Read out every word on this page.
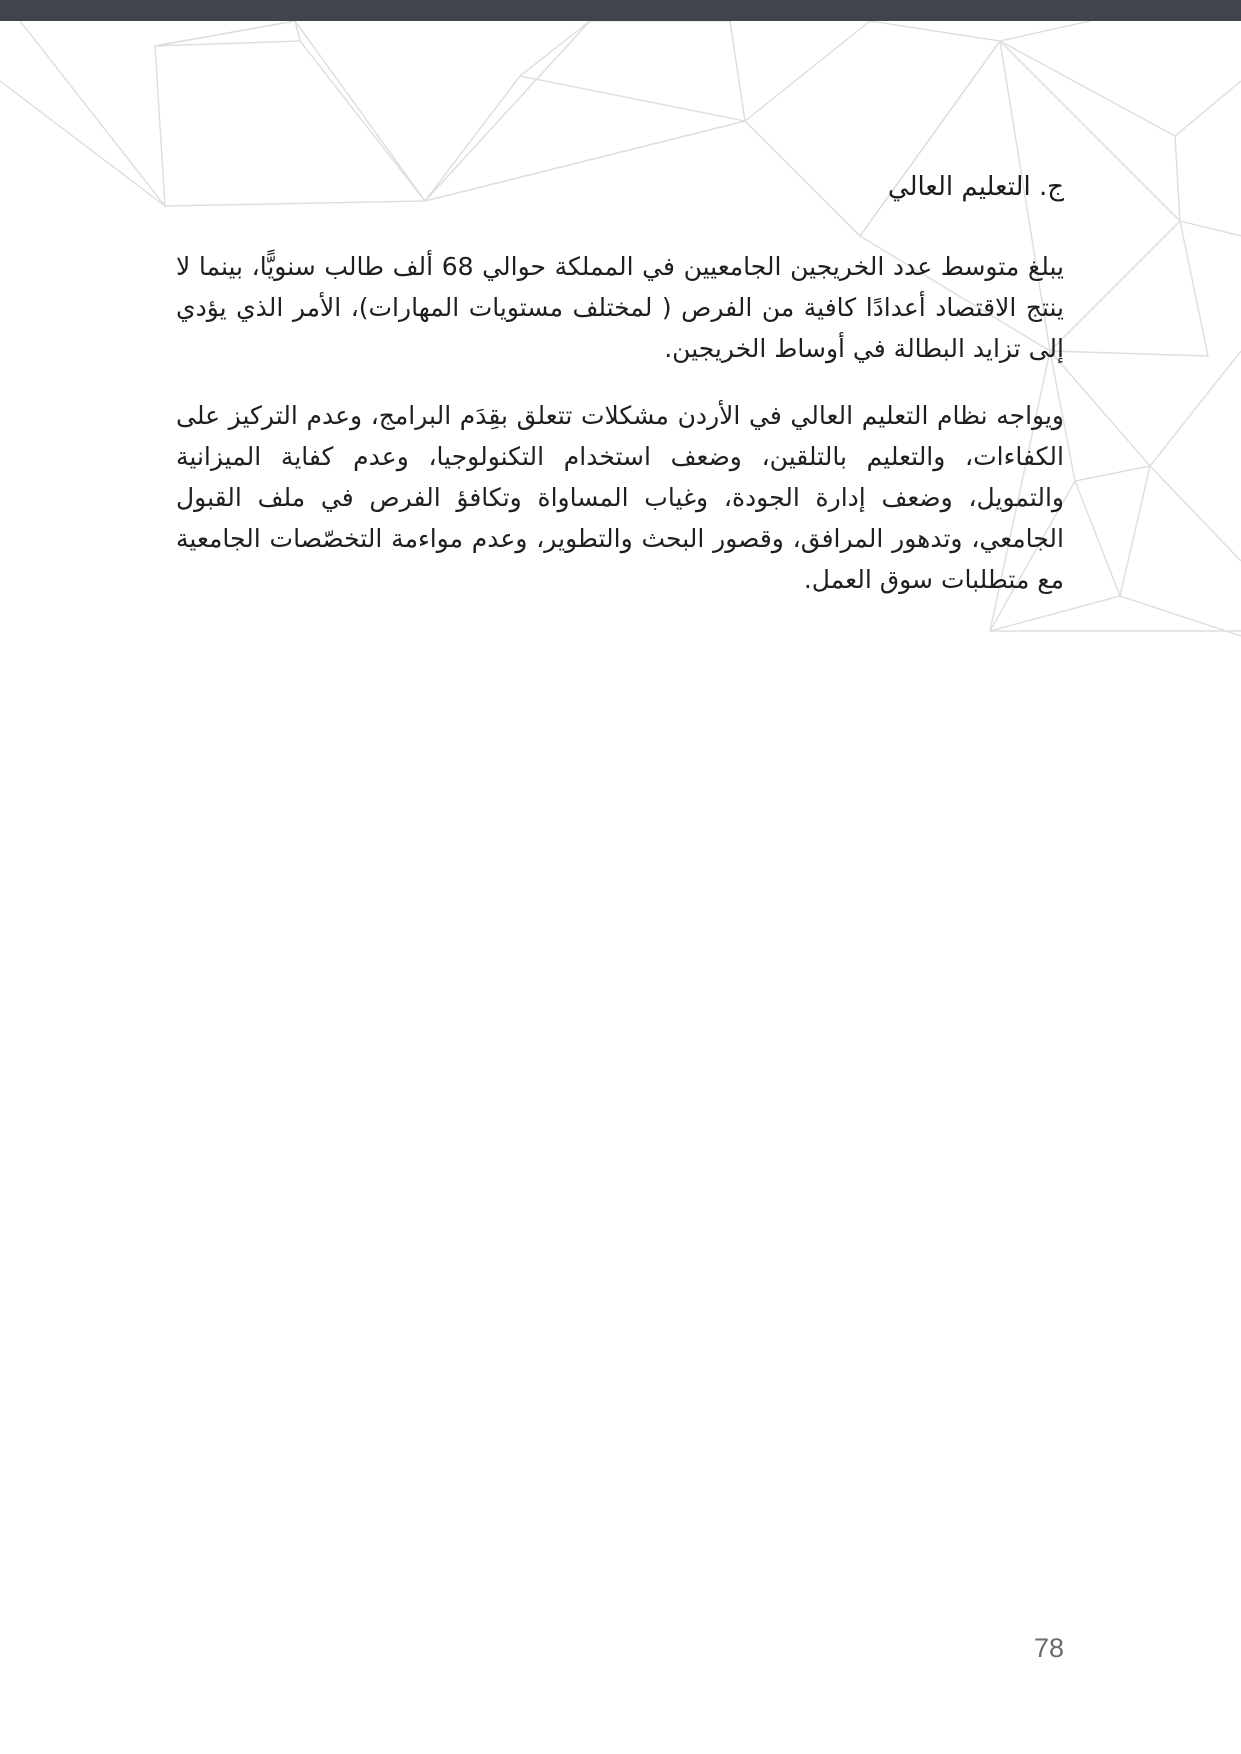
ج. التعليم العالي

يبلغ متوسط عدد الخريجين الجامعيين في المملكة حوالي 68 ألف طالب سنويًّا، بينما لا ينتج الاقتصاد أعدادًا كافية من الفرص ( لمختلف مستويات المهارات)، الأمر الذي يؤدي إلى تزايد البطالة في أوساط الخريجين.

ويواجه نظام التعليم العالي في الأردن مشكلات تتعلق بقِدَم البرامج، وعدم التركيز على الكفاءات، والتعليم بالتلقين، وضعف استخدام التكنولوجيا، وعدم كفاية الميزانية والتمويل، وضعف إدارة الجودة، وغياب المساواة وتكافؤ الفرص في ملف القبول الجامعي، وتدهور المرافق، وقصور البحث والتطوير، وعدم مواءمة التخصّصات الجامعية مع متطلبات سوق العمل.

78
